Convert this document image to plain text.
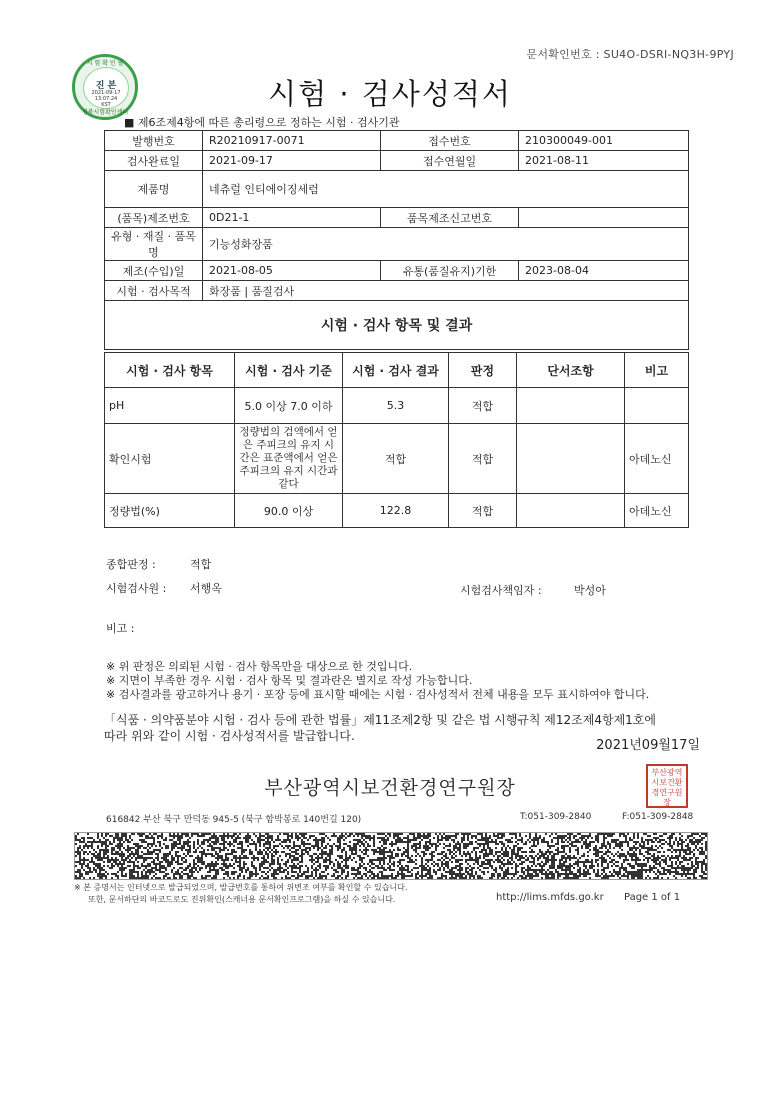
문서확인번호 : SU4O-DSRI-NQ3H-9PYJ
시 험 확 인 필
진 본
2021-09-17
13:07:24
KST
경북시험확인센터
시험 · 검사성적서
■ 제6조제4항에 따른 총리령으로 정하는 시험 · 검사기관
발행번호	R20210917-0071	접수번호	210300049-001
검사완료일	2021-09-17	접수연월일	2021-08-11
제품명	네츄럴 인티에이징세럼		
(품목)제조번호	0D21-1	품목제조신고번호	
유형 · 재질 · 품목명	기능성화장품		
제조(수입)일	2021-08-05	유통(품질유지)기한	2023-08-04
시험 · 검사목적	화장품 | 품질검사		
시험 · 검사 항목 및 결과			
시험 · 검사 항목	시험 · 검사 기준	시험 · 검사 결과	판정	단서조항	비고
pH	5.0 이상 7.0 이하	5.3	적합		
확인시험	정량법의 검액에서 얻은 주피크의 유지 시간은 표준액에서 얻은 주피크의 유지 시간과 같다	적합	적합		아데노신
정량법(%)	90.0 이상	122.8	적합		아데노신
종합판정 :	적합
시험검사원 : 서행옥	시험검사책임자 :	박성아
비고 :
※ 위 판정은 의뢰된 시험 · 검사 항목만을 대상으로 한 것입니다.
※ 지면이 부족한 경우 시험 · 검사 항목 및 결과란은 별지로 작성 가능합니다.
※ 검사결과를 광고하거나 용기 · 포장 등에 표시할 때에는 시험 · 검사성적서 전체 내용을 모두 표시하여야 합니다.
「식품 · 의약품분야 시험 · 검사 등에 관한 법률」제11조제2항 및 같은 법 시행규칙 제12조제4항제1호에
따라 위와 같이 시험 · 검사성적서를 발급합니다.
2021년09월17일
부산광역시보건환경연구원장
부산광역시보건환경연구원장
616842 부산 북구 만덕동 945-5 (북구 함박봉로 140번길 120)	T:051-309-2840	F:051-309-2848
※ 본 증명서는 인터넷으로 발급되었으며, 발급번호를 통하여 위변조 여부를 확인할 수 있습니다.
또한, 문서하단의 바코드로도 진위확인(스캐너용 문서확인프로그램)을 하실 수 있습니다.	http://lims.mfds.go.kr Page 1 of 1
